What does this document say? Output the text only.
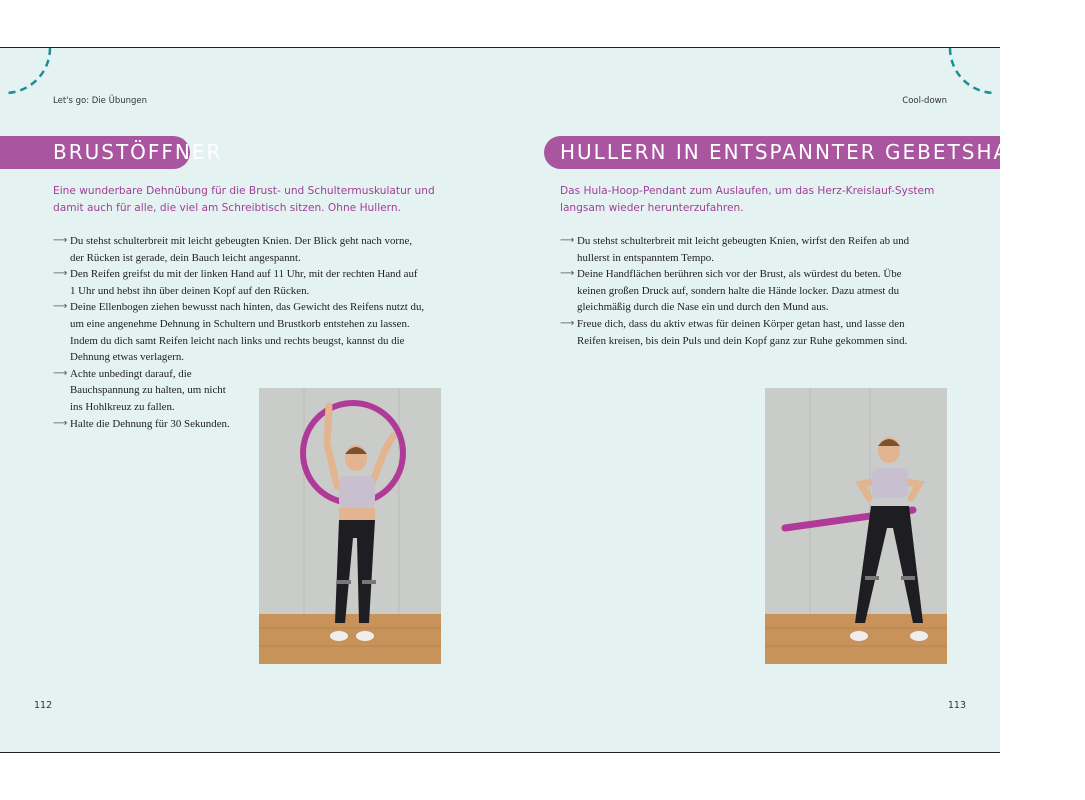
Let's go: Die Übungen
BRUSTÖFFNER
Eine wunderbare Dehnübung für die Brust- und Schultermuskulatur und
damit auch für alle, die viel am Schreibtisch sitzen. Ohne Hullern.
⟶ Du stehst schulterbreit mit leicht gebeugten Knien. Der Blick geht nach vorne,
der Rücken ist gerade, dein Bauch leicht angespannt.
⟶ Den Reifen greifst du mit der linken Hand auf 11 Uhr, mit der rechten Hand auf
1 Uhr und hebst ihn über deinen Kopf auf den Rücken.
⟶ Deine Ellenbogen ziehen bewusst nach hinten, das Gewicht des Reifens nutzt du,
um eine angenehme Dehnung in Schultern und Brustkorb entstehen zu lassen.
Indem du dich samt Reifen leicht nach links und rechts beugst, kannst du die
Dehnung etwas verlagern.
⟶ Achte unbedingt darauf, die
Bauchspannung zu halten, um nicht
ins Hohlkreuz zu fallen.
⟶ Halte die Dehnung für 30 Sekunden.
112
Cool-down
HULLERN IN ENTSPANNTER GEBETSHALTUNG
Das Hula-Hoop-Pendant zum Auslaufen, um das Herz-Kreislauf-System
langsam wieder herunterzufahren.
⟶ Du stehst schulterbreit mit leicht gebeugten Knien, wirfst den Reifen ab und
hullerst in entspanntem Tempo.
⟶ Deine Handflächen berühren sich vor der Brust, als würdest du beten. Übe
keinen großen Druck auf, sondern halte die Hände locker. Dazu atmest du
gleichmäßig durch die Nase ein und durch den Mund aus.
⟶ Freue dich, dass du aktiv etwas für deinen Körper getan hast, und lasse den
Reifen kreisen, bis dein Puls und dein Kopf ganz zur Ruhe gekommen sind.
113
